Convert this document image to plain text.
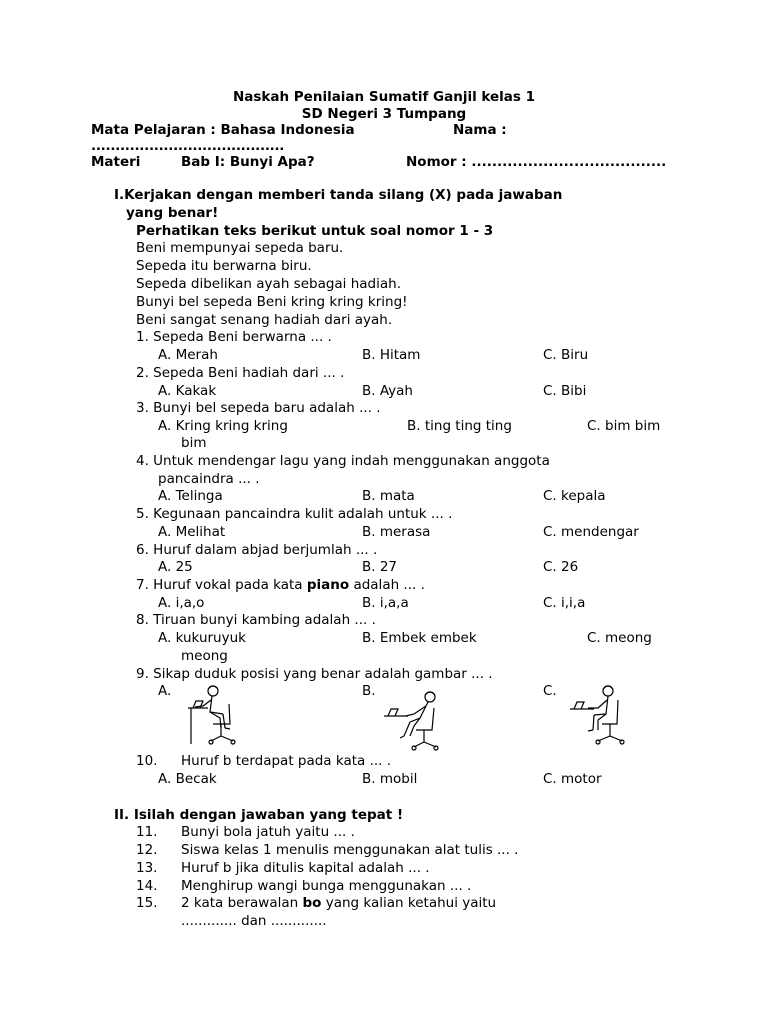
Naskah Penilaian Sumatif Ganjil kelas 1
SD Negeri 3 Tumpang
Mata Pelajaran : Bahasa Indonesia	Nama :
........................................
Materi	Bab I: Bunyi Apa?	Nomor : ......................................
I.Kerjakan dengan memberi tanda silang (X) pada jawaban
yang benar!
Perhatikan teks berikut untuk soal nomor 1 - 3
Beni mempunyai sepeda baru.
Sepeda itu berwarna biru.
Sepeda dibelikan ayah sebagai hadiah.
Bunyi bel sepeda Beni kring kring kring!
Beni sangat senang hadiah dari ayah.
1. Sepeda Beni berwarna ... .
A. Merah	B. Hitam	C. Biru
2. Sepeda Beni hadiah dari ... .
A. Kakak	B. Ayah	C. Bibi
3. Bunyi bel sepeda baru adalah ... .
A. Kring kring kring	B. ting ting ting	C. bim bim
bim
4. Untuk mendengar lagu yang indah menggunakan anggota
pancaindra ... .
A. Telinga	B. mata	C. kepala
5. Kegunaan pancaindra kulit adalah untuk ... .
A. Melihat	B. merasa	C. mendengar
6. Huruf dalam abjad berjumlah ... .
A. 25	B. 27	C. 26
7. Huruf vokal pada kata piano adalah ... .
A. i,a,o	B. i,a,a	C. i,i,a
8. Tiruan bunyi kambing adalah ... .
A. kukuruyuk	B. Embek embek	C. meong
meong
9. Sikap duduk posisi yang benar adalah gambar ... .
A.	B.	C.
10. Huruf b terdapat pada kata ... .
A. Becak	B. mobil	C. motor
II. Isilah dengan jawaban yang tepat !
11. Bunyi bola jatuh yaitu ... .
12. Siswa kelas 1 menulis menggunakan alat tulis ... .
13. Huruf b jika ditulis kapital adalah ... .
14. Menghirup wangi bunga menggunakan ... .
15. 2 kata berawalan bo yang kalian ketahui yaitu
............. dan .............
